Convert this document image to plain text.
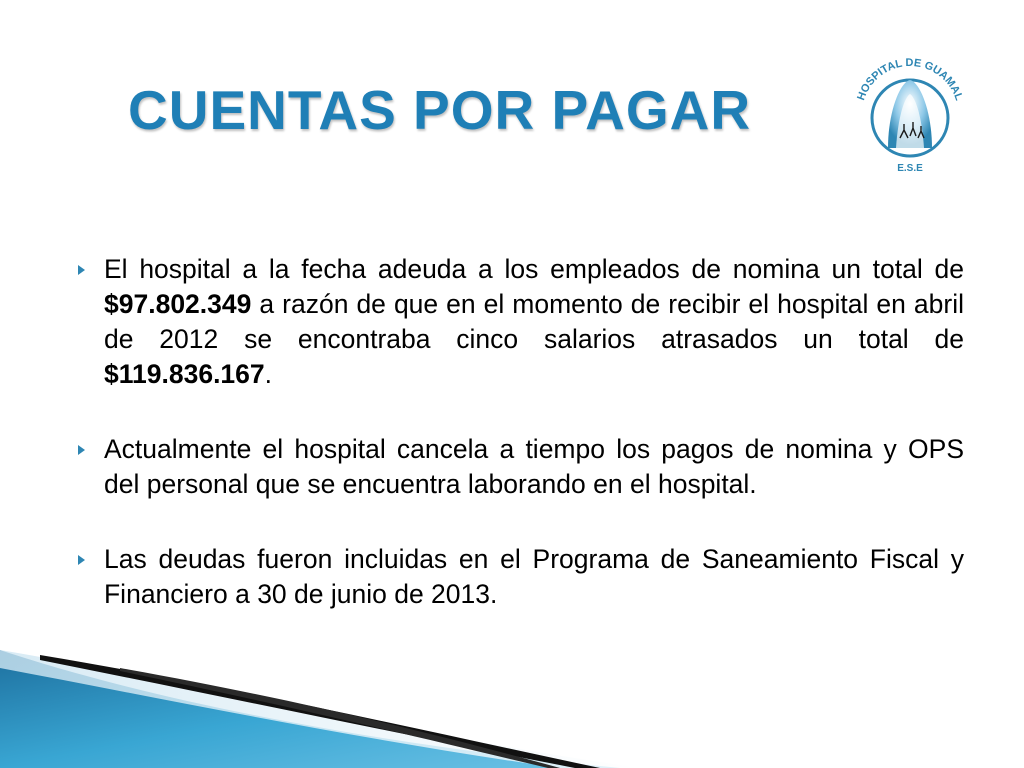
CUENTAS POR PAGAR	HOSPITAL DE GUAMAL
E.S.E
El hospital a la fecha adeuda a los empleados de nomina un total de $97.802.349 a razón de que en el momento de recibir el hospital en abril de 2012 se encontraba cinco salarios atrasados un total de $119.836.167.
Actualmente el hospital cancela a tiempo los pagos de nomina y OPS del personal que se encuentra laborando en el hospital.
Las deudas fueron incluidas en el Programa de Saneamiento Fiscal y Financiero a 30 de junio de 2013.
